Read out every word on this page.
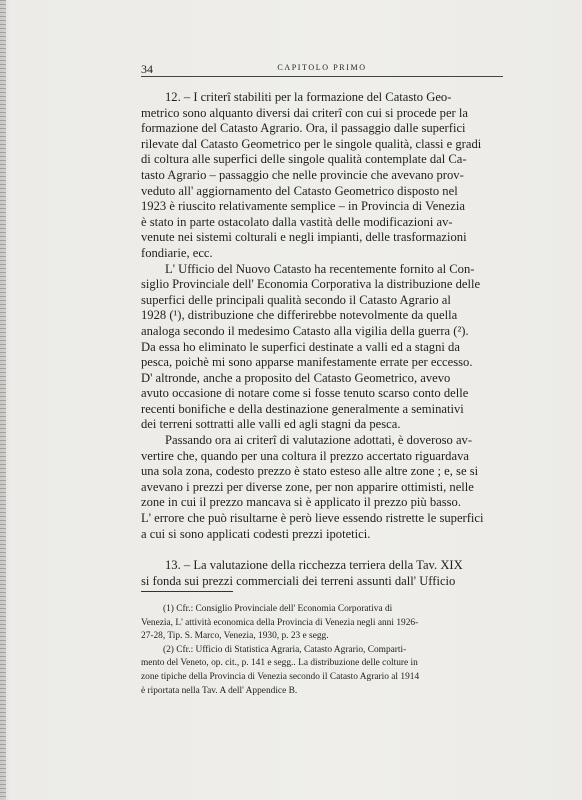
34	CAPITOLO PRIMO
12. – I criterî stabiliti per la formazione del Catasto Geo-
metrico sono alquanto diversi dai criterî con cui si procede per la
formazione del Catasto Agrario. Ora, il passaggio dalle superfici
rilevate dal Catasto Geometrico per le singole qualità, classi e gradi
di coltura alle superfici delle singole qualità contemplate dal Ca-
tasto Agrario – passaggio che nelle provincie che avevano prov-
veduto all' aggiornamento del Catasto Geometrico disposto nel
1923 è riuscito relativamente semplice – in Provincia di Venezia
è stato in parte ostacolato dalla vastità delle modificazioni av-
venute nei sistemi colturali e negli impianti, delle trasformazioni
fondiarie, ecc.
L' Ufficio del Nuovo Catasto ha recentemente fornito al Con-
siglio Provinciale dell' Economia Corporativa la distribuzione delle
superfici delle principali qualità secondo il Catasto Agrario al
1928 (¹), distribuzione che differirebbe notevolmente da quella
analoga secondo il medesimo Catasto alla vigilia della guerra (²).
Da essa ho eliminato le superfici destinate a valli ed a stagni da
pesca, poichè mi sono apparse manifestamente errate per eccesso.
D' altronde, anche a proposito del Catasto Geometrico, avevo
avuto occasione di notare come si fosse tenuto scarso conto delle
recenti bonifiche e della destinazione generalmente a seminativi
dei terreni sottratti alle valli ed agli stagni da pesca.
Passando ora ai criterî di valutazione adottati, è doveroso av-
vertire che, quando per una coltura il prezzo accertato riguardava
una sola zona, codesto prezzo è stato esteso alle altre zone ; e, se si
avevano i prezzi per diverse zone, per non apparire ottimisti, nelle
zone in cui il prezzo mancava si è applicato il prezzo più basso.
L' errore che può risultarne è però lieve essendo ristrette le superfici
a cui si sono applicati codesti prezzi ipotetici.
13. – La valutazione della ricchezza terriera della Tav. XIX
si fonda sui prezzi commerciali dei terreni assunti dall' Ufficio
(1) Cfr.: Consiglio Provinciale dell' Economia Corporativa di
Venezia, L' attività economica della Provincia di Venezia negli anni 1926-
27-28, Tip. S. Marco, Venezia, 1930, p. 23 e segg.
(2) Cfr.: Ufficio di Statistica Agraria, Catasto Agrario, Comparti-
mento del Veneto, op. cit., p. 141 e segg.. La distribuzione delle colture in
zone tipiche della Provincia di Venezia secondo il Catasto Agrario al 1914
è riportata nella Tav. A dell' Appendice B.
